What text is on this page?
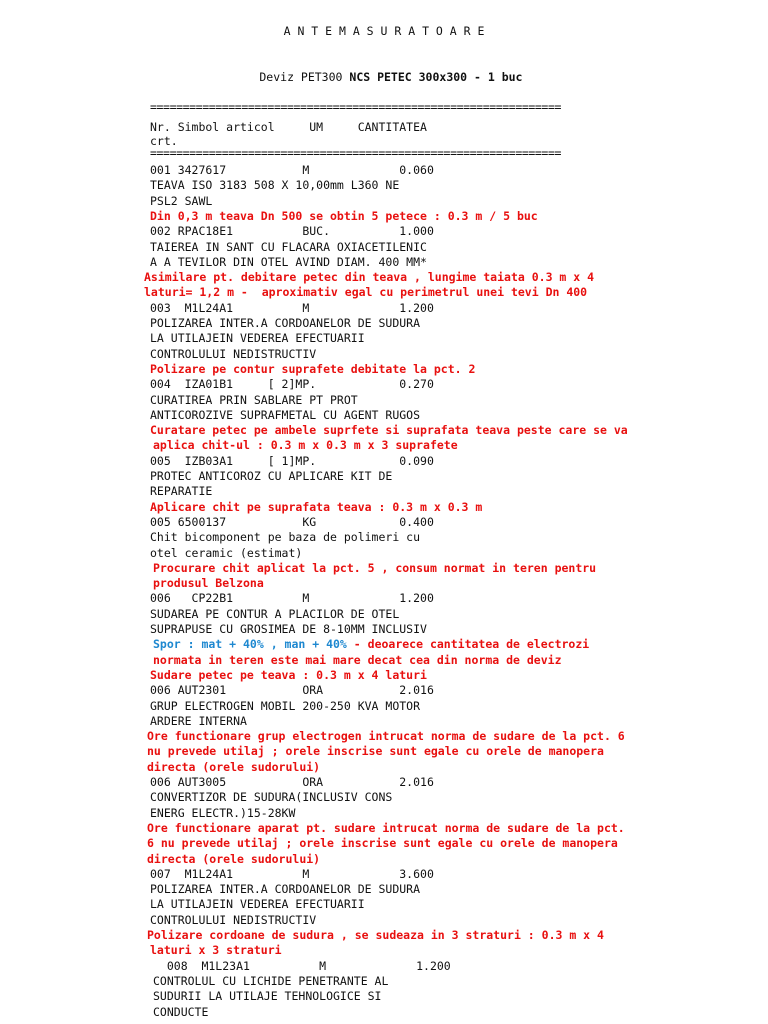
A N T E M A S U R A T O A R E

Deviz PET300 NCS PETEC 300x300 - 1 buc

===============================================================
Nr. Simbol articol     UM     CANTITATEA
crt.
===============================================================
001 3427617           M             0.060
TEAVA ISO 3183 508 X 10,00mm L360 NE
PSL2 SAWL
Din 0,3 m teava Dn 500 se obtin 5 petece : 0.3 m / 5 buc
002 RPAC18E1          BUC.          1.000
TAIEREA IN SANT CU FLACARA OXIACETILENIC
A A TEVILOR DIN OTEL AVIND DIAM. 400 MM*
Asimilare pt. debitare petec din teava , lungime taiata 0.3 m x 4
laturi= 1,2 m -  aproximativ egal cu perimetrul unei tevi Dn 400
003  M1L24A1          M             1.200
POLIZAREA INTER.A CORDOANELOR DE SUDURA
LA UTILAJEIN VEDEREA EFECTUARII
CONTROLULUI NEDISTRUCTIV
Polizare pe contur suprafete debitate la pct. 2
004  IZA01B1     [ 2]MP.            0.270
CURATIREA PRIN SABLARE PT PROT
ANTICOROZIVE SUPRAFMETAL CU AGENT RUGOS
Curatare petec pe ambele suprfete si suprafata teava peste care se va
aplica chit-ul : 0.3 m x 0.3 m x 3 suprafete
005  IZB03A1     [ 1]MP.            0.090
PROTEC ANTICOROZ CU APLICARE KIT DE
REPARATIE
Aplicare chit pe suprafata teava : 0.3 m x 0.3 m
005 6500137           KG            0.400
Chit bicomponent pe baza de polimeri cu
otel ceramic (estimat)
Procurare chit aplicat la pct. 5 , consum normat in teren pentru
produsul Belzona
006   CP22B1          M             1.200
SUDAREA PE CONTUR A PLACILOR DE OTEL
SUPRAPUSE CU GROSIMEA DE 8-10MM INCLUSIV
Spor : mat + 40% , man + 40% - deoarece cantitatea de electrozi
normata in teren este mai mare decat cea din norma de deviz
Sudare petec pe teava : 0.3 m x 4 laturi
006 AUT2301           ORA           2.016
GRUP ELECTROGEN MOBIL 200-250 KVA MOTOR
ARDERE INTERNA
Ore functionare grup electrogen intrucat norma de sudare de la pct. 6
nu prevede utilaj ; orele inscrise sunt egale cu orele de manopera
directa (orele sudorului)
006 AUT3005           ORA           2.016
CONVERTIZOR DE SUDURA(INCLUSIV CONS
ENERG ELECTR.)15-28KW
Ore functionare aparat pt. sudare intrucat norma de sudare de la pct.
6 nu prevede utilaj ; orele inscrise sunt egale cu orele de manopera
directa (orele sudorului)
007  M1L24A1          M             3.600
POLIZAREA INTER.A CORDOANELOR DE SUDURA
LA UTILAJEIN VEDEREA EFECTUARII
CONTROLULUI NEDISTRUCTIV
Polizare cordoane de sudura , se sudeaza in 3 straturi : 0.3 m x 4
laturi x 3 straturi
008  M1L23A1          M             1.200
CONTROLUL CU LICHIDE PENETRANTE AL
SUDURII LA UTILAJE TEHNOLOGICE SI
CONDUCTE
